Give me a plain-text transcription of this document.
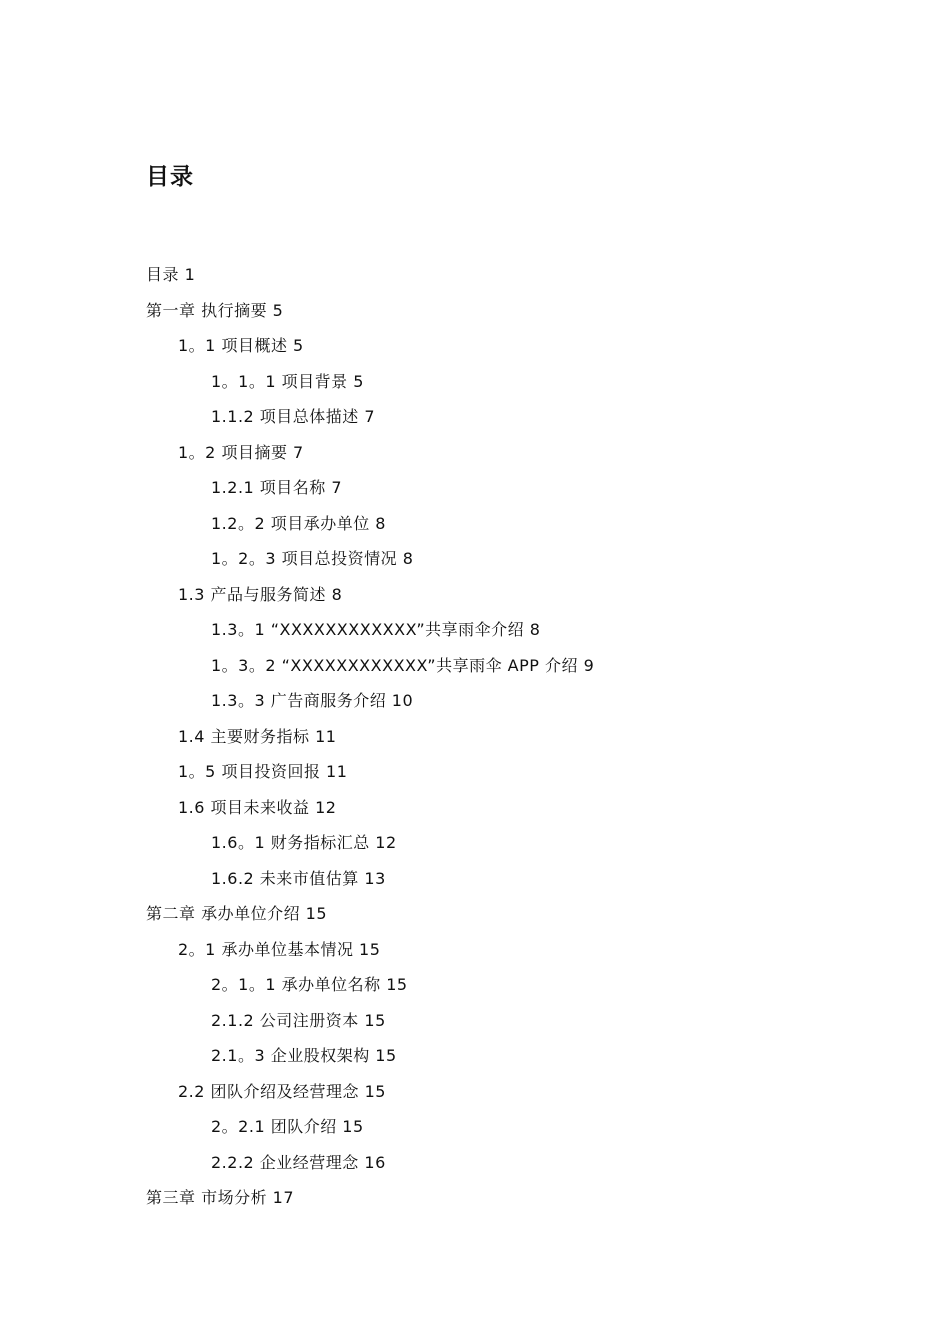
目录
目录 1
第一章 执行摘要 5
1。1 项目概述 5
1。1。1 项目背景 5
1.1.2 项目总体描述 7
1。2 项目摘要 7
1.2.1 项目名称 7
1.2。2 项目承办单位 8
1。2。3 项目总投资情况 8
1.3 产品与服务简述 8
1.3。1 “XXXXXXXXXXXX”共享雨伞介绍 8
1。3。2 “XXXXXXXXXXXX”共享雨伞 APP 介绍 9
1.3。3 广告商服务介绍 10
1.4 主要财务指标 11
1。5 项目投资回报 11
1.6 项目未来收益 12
1.6。1 财务指标汇总 12
1.6.2 未来市值估算 13
第二章 承办单位介绍 15
2。1 承办单位基本情况 15
2。1。1 承办单位名称 15
2.1.2 公司注册资本 15
2.1。3 企业股权架构 15
2.2 团队介绍及经营理念 15
2。2.1 团队介绍 15
2.2.2 企业经营理念 16
第三章 市场分析 17
